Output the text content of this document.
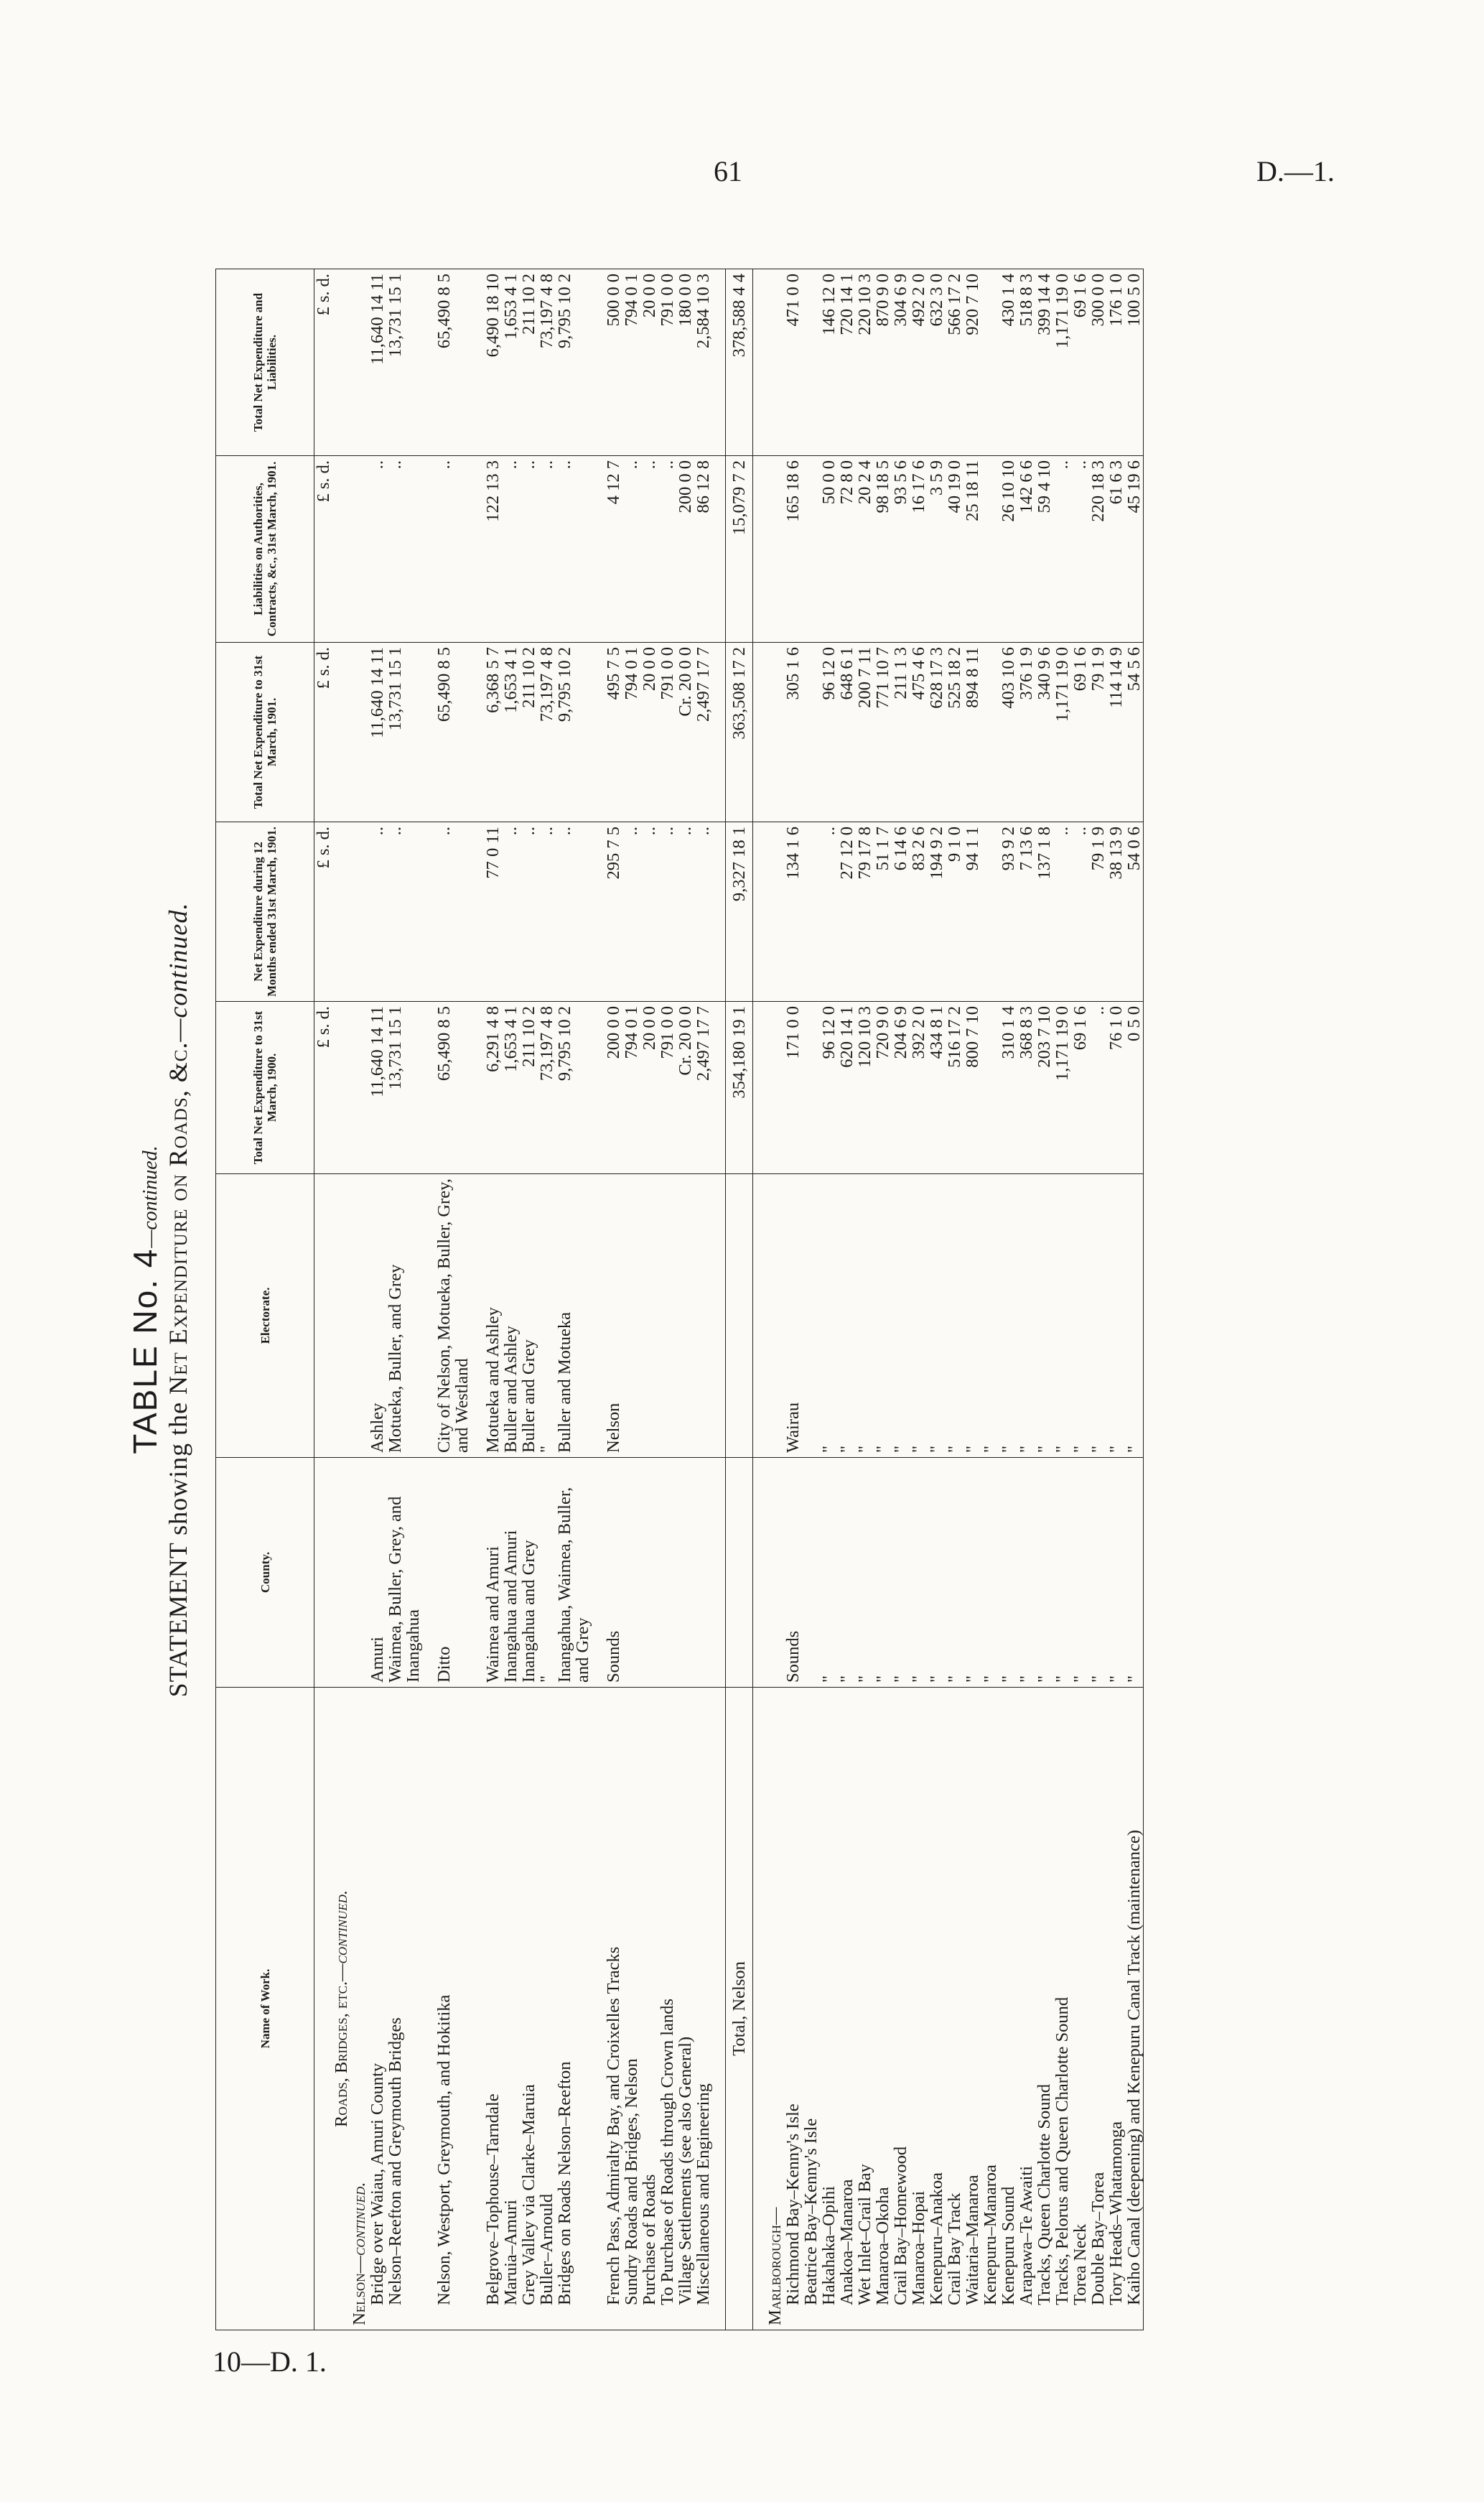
61	D.—1.
10—D. 1.
TABLE No. 4—continued.
STATEMENT showing the Net Expenditure on Roads, &c.—continued.
Name of Work.	County.	Electorate.	Total Net Expenditure to 31st March, 1900.	Net Expenditure during 12 Months ended 31st March, 1901.	Total Net Expenditure to 31st March, 1901.	Liabilities on Authorities, Contracts, &c., 31st March, 1901.	Total Net Expenditure and Liabilities.
			£ s. d.	£ s. d.	£ s. d.	£ s. d.	£ s. d.

Roads, Bridges, etc.—continued.							

Nelson—continued.							

Bridge over Waiau, Amuri County	Amuri	Ashley	11,640 14 11	..	11,640 14 11	..	11,640 14 11

Nelson–Reefton and Greymouth Bridges	Waimea, Buller, Grey, and Inangahua	Motueka, Buller, and Grey	13,731 15 1	..	13,731 15 1	..	13,731 15 1

Nelson, Westport, Greymouth, and Hokitika	Ditto	City of Nelson, Motueka, Buller, Grey, and Westland	65,490 8 5	..	65,490 8 5	..	65,490 8 5

Belgrove–Tophouse–Tarndale	Waimea and Amuri	Motueka and Ashley	6,291 4 8	77 0 11	6,368 5 7	122 13 3	6,490 18 10

Maruia–Amuri	Inangahua and Amuri	Buller and Ashley	1,653 4 1	..	1,653 4 1	..	1,653 4 1

Grey Valley via Clarke–Maruia	Inangahua and Grey	Buller and Grey	211 10 2	..	211 10 2	..	211 10 2

Buller–Arnould	"	"	73,197 4 8	..	73,197 4 8	..	73,197 4 8

Bridges on Roads Nelson–Reefton	Inangahua, Waimea, Buller, and Grey	Buller and Motueka	9,795 10 2	..	9,795 10 2	..	9,795 10 2

French Pass, Admiralty Bay, and Croixelles Tracks	Sounds	Nelson	200 0 0	295 7 5	495 7 5	4 12 7	500 0 0

Sundry Roads and Bridges, Nelson			794 0 1	..	794 0 1	..	794 0 1

Purchase of Roads			20 0 0	..	20 0 0	..	20 0 0

To Purchase of Roads through Crown lands			791 0 0	..	791 0 0	..	791 0 0

Village Settlements (see also General)			Cr. 20 0 0	..	Cr. 20 0 0	200 0 0	180 0 0

Miscellaneous and Engineering			2,497 17 7	..	2,497 17 7	86 12 8	2,584 10 3

Total, Nelson			354,180 19 1	9,327 18 1	363,508 17 2	15,079 7 2	378,588 4 4

Marlborough—							

Richmond Bay–Kenny's Isle	Sounds	Wairau	171 0 0	134 1 6	305 1 6	165 18 6	471 0 0

Beatrice Bay–Kenny's Isle							

Hakahaka–Opihi	"	"	96 12 0	..	96 12 0	50 0 0	146 12 0

Anakoa–Manaroa	"	"	620 14 1	27 12 0	648 6 1	72 8 0	720 14 1

Wet Inlet–Crail Bay	"	"	120 10 3	79 17 8	200 7 11	20 2 4	220 10 3

Manaroa–Okoha	"	"	720 9 0	51 1 7	771 10 7	98 18 5	870 9 0

Crail Bay–Homewood	"	"	204 6 9	6 14 6	211 1 3	93 5 6	304 6 9

Manaroa–Hopai	"	"	392 2 0	83 2 6	475 4 6	16 17 6	492 2 0

Kenepuru–Anakoa	"	"	434 8 1	194 9 2	628 17 3	3 5 9	632 3 0

Crail Bay Track	"	"	516 17 2	9 1 0	525 18 2	40 19 0	566 17 2

Waitaria–Manaroa	"	"	800 7 10	94 1 1	894 8 11	25 18 11	920 7 10

Kenepuru–Manaroa	"	"					

Kenepuru Sound	"	"	310 1 4	93 9 2	403 10 6	26 10 10	430 1 4

Arapawa–Te Awaiti	"	"	368 8 3	7 13 6	376 1 9	142 6 6	518 8 3

Tracks, Queen Charlotte Sound	"	"	203 7 10	137 1 8	340 9 6	59 4 10	399 14 4

Tracks, Pelorus and Queen Charlotte Sound	"	"	1,171 19 0	..	1,171 19 0	..	1,171 19 0

Torea Neck	"	"	69 1 6	..	69 1 6	..	69 1 6

Double Bay–Torea	"	"	..	79 1 9	79 1 9	220 18 3	300 0 0

Tory Heads–Whatamonga	"	"	76 1 0	38 13 9	114 14 9	61 6 3	176 1 0

Kaiho Canal (deepening) and Kenepuru Canal Track (maintenance)	"	"	0 5 0	54 0 6	54 5 6	45 19 6	100 5 0
